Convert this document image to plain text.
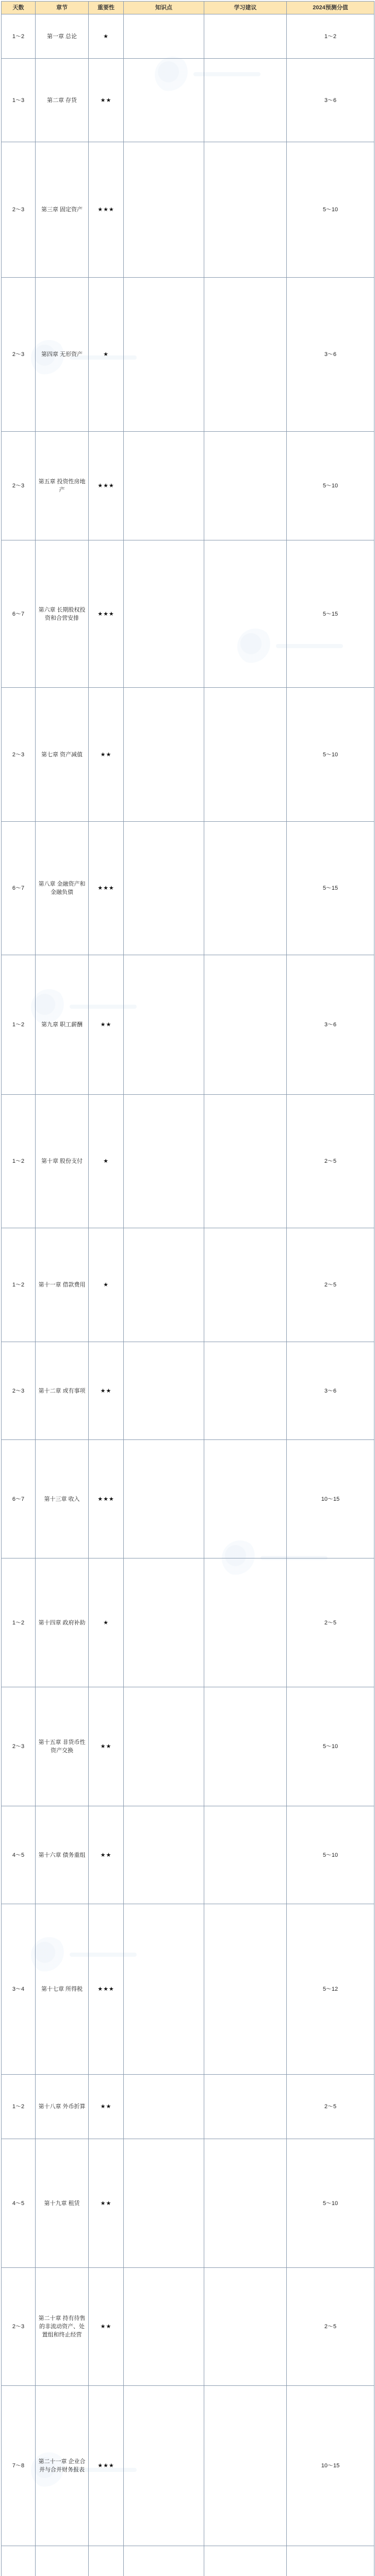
天数	章节	重要性	知识点	学习建议	2024预测分值
1～2	第一章 总论	★			1～2
1～3	第二章 存货	★★			3～6
2～3	第三章 固定资产	★★★			5～10
2～3	第四章 无形资产	★			3～6
2～3	第五章 投资性房地产	★★★			5～10
6～7	第六章 长期股权投资和合营安排	★★★			5～15
2～3	第七章 资产减值	★★			5～10
6～7	第八章 金融资产和金融负债	★★★			5～15
1～2	第九章 职工薪酬	★★			3～6
1～2	第十章 股份支付	★			2～5
1～2	第十一章 借款费用	★			2～5
2～3	第十二章 或有事项	★★			3～6
6～7	第十三章 收入	★★★			10～15
1～2	第十四章 政府补助	★			2～5
2～3	第十五章 非货币性资产交换	★★			5～10
4～5	第十六章 债务重组	★★			5～10
3～4	第十七章 所得税	★★★			5～12
1～2	第十八章 外币折算	★★			2～5
4～5	第十九章 租赁	★★			5～10
2～3	第二十章 持有待售的非流动资产、处置组和终止经营	★★			2～5
7～8	第二十一章 企业合并与合并财务报表	★★★			10～15
